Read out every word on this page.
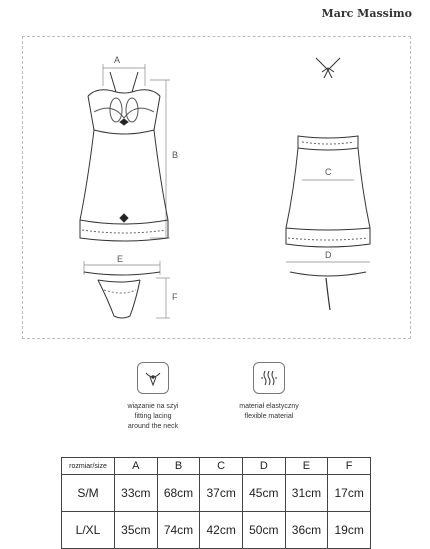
Marc Massimo
A
B
E
F
C
D
wiązanie na szyi
fitting lacing
around the neck
materiał elastyczny
flexible material
rozmiar/size	A	B	C	D	E	F
S/M	33cm	68cm	37cm	45cm	31cm	17cm
L/XL	35cm	74cm	42cm	50cm	36cm	19cm
